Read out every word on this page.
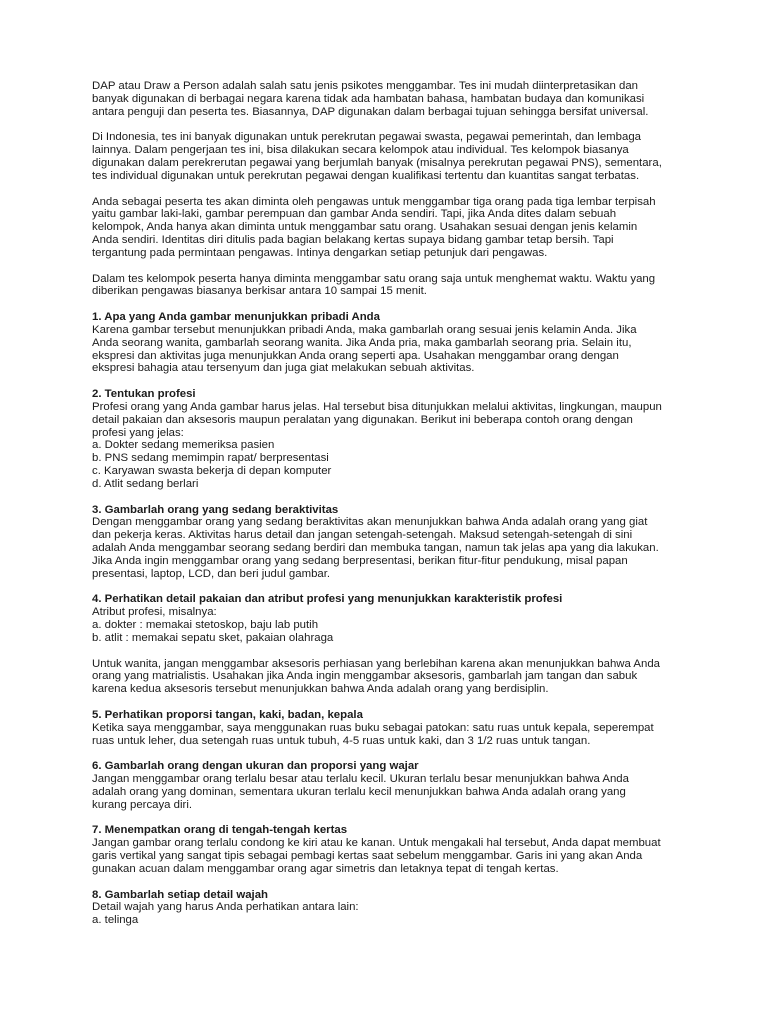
DAP atau Draw a Person adalah salah satu jenis psikotes menggambar. Tes ini mudah diinterpretasikan dan
banyak digunakan di berbagai negara karena tidak ada hambatan bahasa, hambatan budaya dan komunikasi
antara penguji dan peserta tes. Biasannya, DAP digunakan dalam berbagai tujuan sehingga bersifat universal.

Di Indonesia, tes ini banyak digunakan untuk perekrutan pegawai swasta, pegawai pemerintah, dan lembaga
lainnya. Dalam pengerjaan tes ini, bisa dilakukan secara kelompok atau individual. Tes kelompok biasanya
digunakan dalam perekrerutan pegawai yang berjumlah banyak (misalnya perekrutan pegawai PNS), sementara,
tes individual digunakan untuk perekrutan pegawai dengan kualifikasi tertentu dan kuantitas sangat terbatas.

Anda sebagai peserta tes akan diminta oleh pengawas untuk menggambar tiga orang pada tiga lembar terpisah
yaitu gambar laki-laki, gambar perempuan dan gambar Anda sendiri. Tapi, jika Anda dites dalam sebuah
kelompok, Anda hanya akan diminta untuk menggambar satu orang. Usahakan sesuai dengan jenis kelamin
Anda sendiri. Identitas diri ditulis pada bagian belakang kertas supaya bidang gambar tetap bersih. Tapi
tergantung pada permintaan pengawas. Intinya dengarkan setiap petunjuk dari pengawas.

Dalam tes kelompok peserta hanya diminta menggambar satu orang saja untuk menghemat waktu. Waktu yang
diberikan pengawas biasanya berkisar antara 10 sampai 15 menit.

1. Apa yang Anda gambar menunjukkan pribadi Anda
Karena gambar tersebut menunjukkan pribadi Anda, maka gambarlah orang sesuai jenis kelamin Anda. Jika
Anda seorang wanita, gambarlah seorang wanita. Jika Anda pria, maka gambarlah seorang pria. Selain itu,
ekspresi dan aktivitas juga menunjukkan Anda orang seperti apa. Usahakan menggambar orang dengan
ekspresi bahagia atau tersenyum dan juga giat melakukan sebuah aktivitas.
2. Tentukan profesi
Profesi orang yang Anda gambar harus jelas. Hal tersebut bisa ditunjukkan melalui aktivitas, lingkungan, maupun
detail pakaian dan aksesoris maupun peralatan yang digunakan. Berikut ini beberapa contoh orang dengan
profesi yang jelas:
a. Dokter sedang memeriksa pasien
b. PNS sedang memimpin rapat/ berpresentasi
c. Karyawan swasta bekerja di depan komputer
d. Atlit sedang berlari
3. Gambarlah orang yang sedang beraktivitas
Dengan menggambar orang yang sedang beraktivitas akan menunjukkan bahwa Anda adalah orang yang giat
dan pekerja keras. Aktivitas harus detail dan jangan setengah-setengah. Maksud setengah-setengah di sini
adalah Anda menggambar seorang sedang berdiri dan membuka tangan, namun tak jelas apa yang dia lakukan.
Jika Anda ingin menggambar orang yang sedang berpresentasi, berikan fitur-fitur pendukung, misal papan
presentasi, laptop, LCD, dan beri judul gambar.
4. Perhatikan detail pakaian dan atribut profesi yang menunjukkan karakteristik profesi
Atribut profesi, misalnya:
a. dokter : memakai stetoskop, baju lab putih
b. atlit : memakai sepatu sket, pakaian olahraga

Untuk wanita, jangan menggambar aksesoris perhiasan yang berlebihan karena akan menunjukkan bahwa Anda
orang yang matrialistis. Usahakan jika Anda ingin menggambar aksesoris, gambarlah jam tangan dan sabuk
karena kedua aksesoris tersebut menunjukkan bahwa Anda adalah orang yang berdisiplin.

5. Perhatikan proporsi tangan, kaki, badan, kepala
Ketika saya menggambar, saya menggunakan ruas buku sebagai patokan: satu ruas untuk kepala, seperempat
ruas untuk leher, dua setengah ruas untuk tubuh, 4-5 ruas untuk kaki, dan 3 1/2 ruas untuk tangan.
6. Gambarlah orang dengan ukuran dan proporsi yang wajar
Jangan menggambar orang terlalu besar atau terlalu kecil. Ukuran terlalu besar menunjukkan bahwa Anda
adalah orang yang dominan, sementara ukuran terlalu kecil menunjukkan bahwa Anda adalah orang yang
kurang percaya diri.
7. Menempatkan orang di tengah-tengah kertas
Jangan gambar orang terlalu condong ke kiri atau ke kanan. Untuk mengakali hal tersebut, Anda dapat membuat
garis vertikal yang sangat tipis sebagai pembagi kertas saat sebelum menggambar. Garis ini yang akan Anda
gunakan acuan dalam menggambar orang agar simetris dan letaknya tepat di tengah kertas.
8. Gambarlah setiap detail wajah
Detail wajah yang harus Anda perhatikan antara lain:
a. telinga
